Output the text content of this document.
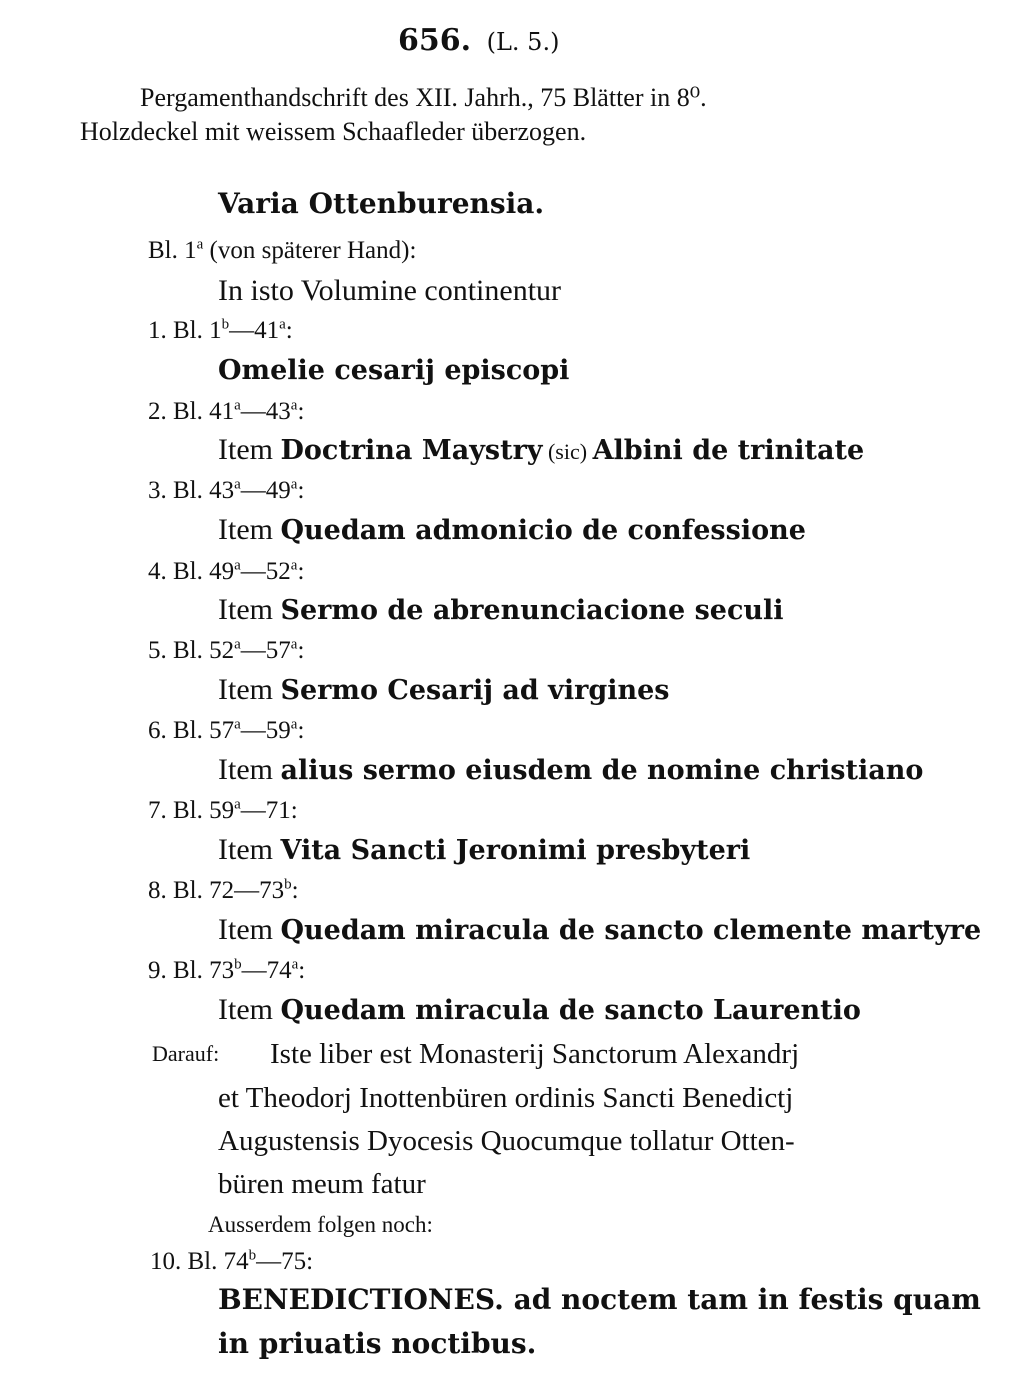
656. (L. 5.)
Pergamenthandschrift des XII. Jahrh., 75 Blätter in 8⁰.
Holzdeckel mit weissem Schaafleder überzogen.
Varia Ottenburensia.
Bl. 1$^a$ (von späterer Hand):
In isto Volumine continentur
1. Bl. 1$^b$—41$^a$:
Omelie cesarij episcopi
2. Bl. 41$^a$—43$^a$:
Item Doctrina Maystry (sic) Albini de trinitate
3. Bl. 43$^a$—49$^a$:
Item Quedam admonicio de confessione
4. Bl. 49$^a$—52$^a$:
Item Sermo de abrenunciacione seculi
5. Bl. 52$^a$—57$^a$:
Item Sermo Cesarij ad virgines
6. Bl. 57$^a$—59$^a$:
Item alius sermo eiusdem de nomine christiano
7. Bl. 59$^a$—71:
Item Vita Sancti Jeronimi presbyteri
8. Bl. 72—73$^b$:
Item Quedam miracula de sancto clemente martyre
9. Bl. 73$^b$—74$^a$:
Item Quedam miracula de sancto Laurentio
Darauf: Iste liber est Monasterij Sanctorum Alexandrj
et Theodorj Inottenbüren ordinis Sancti Benedictj
Augustensis Dyocesis Quocumque tollatur Otten-
büren meum fatur
Ausserdem folgen noch:
10. Bl. 74$^b$—75:
BENEDICTIONES. ad noctem tam in festis quam
in priuatis noctibus.
